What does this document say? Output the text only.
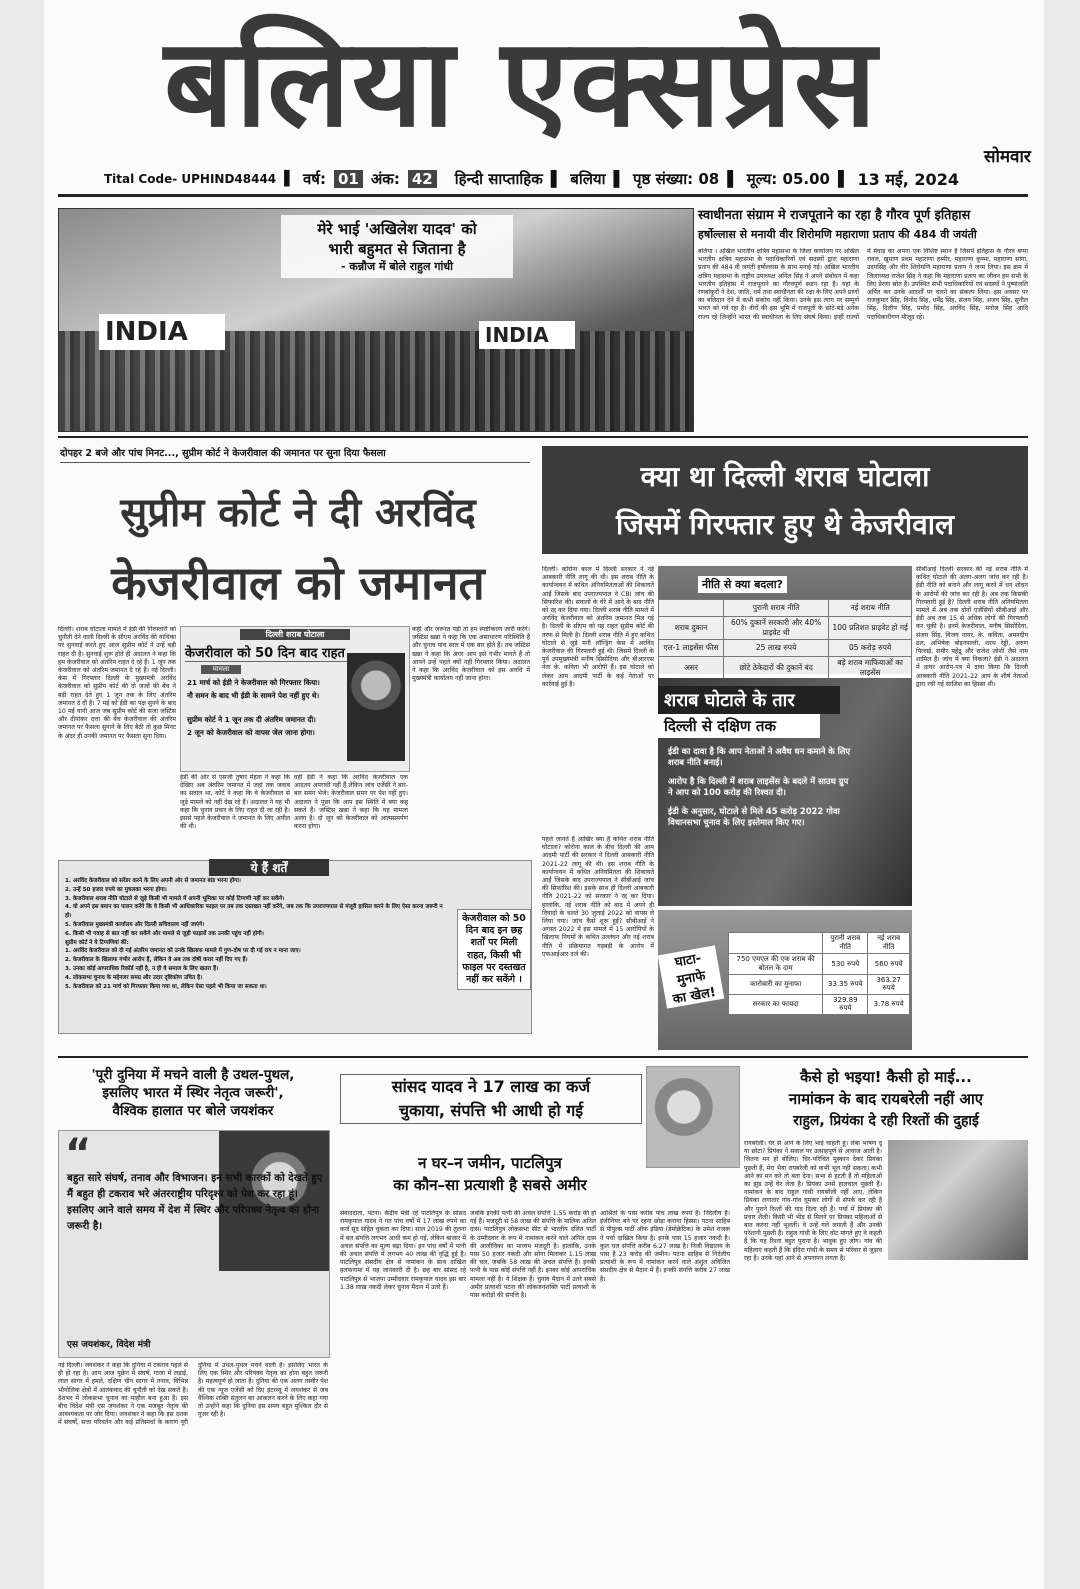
बलिया एक्सप्रेस
सोमवार
Tital Code- UPHIND48444 ▌ वर्ष: 01 अंक: 42 हिन्दी साप्ताहिक ▌ बलिया ▌ पृष्ठ संख्या: 08 ▌ मूल्य: 05.00 ▌ 13 मई, 2024
INDIA	INDIA
मेरे भाई 'अखिलेश यादव' को
भारी बहुमत से जिताना है
- कन्नौज में बोले राहुल गांधी
स्वाधीनता संग्राम मे राजपूताने का रहा है गौरव पूर्ण इतिहास
हर्षोल्लास से मनायी वीर शिरोमणि महाराणा प्रताप की 484 वी जयंती
बलिया । अखिल भारतीय क्षत्रिय महासभा के जिला कार्यालय पर अखिल भारतीय क्षत्रिय महासभा के पदाधिकारियों एवं सदस्यों द्वारा महाराणा प्रताप की 484 वी जयंती हर्षोल्लास के साथ मनाई गई। अखिल भारतीय क्षत्रिय महासभा के राष्ट्रीय उपाध्यक्ष अनिल सिंह ने अपने संबोधन में कहा भारतीय इतिहास में राजपूताने का गौरवपूर्ण स्थान रहा है। यहां के रणबांकुरों ने देश, जाति, धर्म तथा स्वाधीनता की रक्षा के लिए अपने प्राणों का बलिदान देने में कभी संकोच नहीं किया। उनके इस त्याग पर सम्पूर्ण भारत को गर्व रहा है। वीरों की इस भूमि में राजपूतों के छोटे-बड़े अनेक राज्य रहे जिन्होंने भारत की स्वाधीनता के लिए संघर्ष किया। इन्हीं राज्यों में मेवाड़ का अपना एक विशिष्ट स्थान है जिसमें इतिहास के गौरव बप्पा रावल, खुमाण प्रथम महाराणा हम्मीर, महाराणा कुम्भा, महाराणा सांगा, उदयसिंह और वीर शिरोमणि महाराणा प्रताप ने जन्म लिया। इस क्रम में जिलाध्यक्ष राजेश सिंह ने कहा कि महाराणा प्रताप का जीवन हम सभी के लिए प्रेरणा स्रोत है। उपस्थित सभी पदाधिकारियों एवं सदस्यों ने पुष्पांजलि अर्पित कर उनके आदर्शों पर चलने का संकल्प लिया। इस अवसर पर राजकुमार सिंह, विनोद सिंह, धर्मेंद्र सिंह, संजय सिंह, अजय सिंह, सुनील सिंह, दिलीप सिंह, प्रमोद सिंह, अरविंद सिंह, मनोज सिंह आदि पदाधिकारीगण मौजूद रहे।
दोपहर 2 बजे और पांच मिनट..., सुप्रीम कोर्ट ने केजरीवाल की जमानत पर सुना दिया फैसला
सुप्रीम कोर्ट ने दी अरविंद
केजरीवाल को जमानत
दिल्ली। शराब घोटाला मामले में ईडी की गिरफ्तारी को चुनौती देने वाली दिल्ली के सीएम अरविंद की याचिका पर सुनवाई करते हुए आज सुप्रीम कोर्ट ने उन्हें बड़ी राहत दी है। सुनवाई शुरू होते ही अदालत ने कहा कि हम केजरीवाल को अंतरिम राहत दे रहे हैं। 1 जून तक केजरीवाल को अंतरिम जमानत दे रहे हैं। नई दिल्ली। केस में गिरफ्तार दिल्ली के मुख्यमंत्री अरविंद केजरीवाल को सुप्रीम कोर्ट की दो जजों की बेंच ने बड़ी राहत देते हुए 1 जून तक के लिए अंतरिम जमानत दे दी है। 7 मई को ईडी का पक्ष सुनने के बाद 10 मई यानी आज जब सुप्रीम कोर्ट की सजा जस्टिस और दीपांकर दत्ता की बेंच केजरीवाल की अंतरिम जमानत पर फैसला सुनाने के लिए बैठी तो कुछ मिनट के अंदर ही उनकी जमानत पर फैसला सुना दिया।
दिल्ली शराब घोटाला
केजरीवाल को 50 दिन बाद राहत
मामला
21 मार्च को ईडी ने केजरीवाल को गिरफ्तार किया।
नौ समन के बाद भी ईडी के सामने पेश नहीं हुए थे।
सुप्रीम कोर्ट ने 1 जून तक दी अंतरिम जमानत दी।
2 जून को केजरीवाल को वापस जेल जाना होगा।
ईडी की ओर से एसजी तुषार मेहता ने कहा कि देखिए अब अंतरिम जमानत में जहां तक जवाब का सवाल था, कोर्ट ने कहा कि वे केजरीवाल से जुड़े मामले को नहीं देख रहे हैं। अदालत ने यह भी कहा कि चुनाव प्रचार के लिए राहत दी जा रही है। इससे पहले केजरीवाल ने जमानत के लिए अपील की थी।
वहीं ईडी ने कहा कि अरविंद केजरीवाल एक आदतन अपराधी नहीं हैं लेकिन जांच एजेंसी ने बार-बार समन भेजे। केजरीवाल समन पर पेश नहीं हुए। अदालत ने पूछा कि आप इस स्थिति में क्या कह सकते हैं। जस्टिस खन्ना ने कहा कि यह मामला अलग है। दो जून को केजरीवाल को आत्मसमर्पण करना होगा।
कहीं और जरूरत पड़ी तो हम स्पष्टीकरण जारी करेंगे। जस्टिस खन्ना ने कहा कि एक असाधारण परिस्थिति है और चुनाव पांच साल में एक बार होते हैं। तब जस्टिस खन्ना ने कहा कि अगर आप इसे गंभीर मानते हैं तो आपने उन्हें पहले क्यों नहीं गिरफ्तार किया। अदालत ने कहा कि अरविंद केजरीवाल को इस अवधि में मुख्यमंत्री कार्यालय नहीं जाना होगा।
ये हैं शर्तें
1. अरविंद केजरीवाल को सरेंडर करने के लिए अपनी ओर से जमानत बांड भरना होगा।
2. उन्हें 50 हजार रुपये का मुचलका भरना होगा।
3. केजरीवाल शराब नीति घोटाले से जुड़े किसी भी मामले में अपनी भूमिका पर कोई टिप्पणी नहीं कर सकेंगे।
4. वो अपने इस बयान का पालन करेंगे कि वे किसी भी आधिकारिक फाइल पर तब तक दस्तखत नहीं करेंगे, जब तक कि उपराज्यपाल से मंजूरी हासिल करने के लिए ऐसा करना जरूरी न हो।
5. केजरीवाल मुख्यमंत्री कार्यालय और दिल्ली सचिवालय नहीं जाएंगे।
6. किसी भी गवाह से बात नहीं कर सकेंगे और मामले से जुड़ी फाइलों तक उनकी पहुंच नहीं होगी।
सुप्रीम कोर्ट ने ये टिप्पणियां कीं:
1. अरविंद केजरीवाल को दी गई अंतरिम जमानत को उनके खिलाफ मामले में गुण-दोष पर दी गई राय न माना जाए।
2. केजरीवाल के खिलाफ गंभीर आरोप हैं, लेकिन वे अब तक दोषी करार नहीं दिए गए हैं।
3. उनका कोई आपराधिक रिकॉर्ड नहीं है, न ही वे समाज के लिए खतरा हैं।
4. लोकसभा चुनाव के मद्देनजर समग्र और उदार दृष्टिकोण उचित है।
5. केजरीवाल को 21 मार्च को गिरफ्तार किया गया था, लेकिन ऐसा पहले भी किया जा सकता था।
केजरीवाल को 50 दिन बाद इन छह शर्तों पर मिली राहत, किसी भी फाइल पर दस्तखत नहीं कर सकेंगे ।
क्या था दिल्ली शराब घोटाला
जिसमें गिरफ्तार हुए थे केजरीवाल
दिल्ली। कोरोना काल में दिल्ली सरकार ने नई आबकारी नीति लागू की थी। इस शराब नीति के कार्यान्वयन में कथित अनियमितताओं की शिकायतें आईं जिसके बाद उपराज्यपाल ने CBI जांच की सिफारिश की। सवालों के घेरे में आने के बाद नीति को रद्द कर दिया गया। दिल्ली शराब नीति मामले में अरविंद केजरीवाल को अंतरिम जमानत मिल गई है। दिल्ली के सीएम को यह राहत सुप्रीम कोर्ट की तरफ से मिली है। दिल्ली शराब नीति में हुए कथित घोटाले से जुड़े मनी लॉन्ड्रिंग केस में अरविंद केजरीवाल की गिरफ्तारी हुई थी। जिसमें दिल्ली के पूर्व उपमुख्यमंत्री मनीष सिसोदिया और बीआरएस नेता के. कविता भी आरोपी हैं। इस घोटाले को लेकर आम आदमी पार्टी के कई नेताओं पर कार्रवाई हुई है।
पहले जानते हैं आखिर क्या है कथित शराब नीति घोटाला? कोरोना काल के बीच दिल्ली की आम आदमी पार्टी की सरकार ने दिल्ली आबकारी नीति 2021-22 लागू की थी। इस शराब नीति के कार्यान्वयन में कथित अनियमितता की शिकायतें आईं जिसके बाद उपराज्यपाल ने सीबीआई जांच की सिफारिश की। इसके साथ ही दिल्ली आबकारी नीति 2021-22 को सरकार ने रद्द कर दिया। हालांकि, नई शराब नीति को बाद में अपने ही विवादों के चलते 30 जुलाई 2022 को वापस ले लिया गया। जांच कैसे शुरू हुई? सीबीआई ने अगस्त 2022 में इस मामले में 15 आरोपियों के खिलाफ नियमों के कथित उल्लंघन और नई शराब नीति में प्रक्रियागत गड़बड़ी के आरोप में एफआईआर दर्ज की।
सीबीआई दिल्ली सरकार की नई शराब नीति में कथित घोटाले की अलग-अलग जांच कर रही है। ईडी नीति को बनाने और लागू करने में धन शोधन के आरोपों की जांच कर रही है। अब तक किसकी गिरफ्तारी हुई है? दिल्ली शराब नीति अनियमितता मामले में अब तक दोनों एजेंसियों सीबीआई और ईडी अब तक 15 से अधिक लोगों की गिरफ्तारी कर चुकी है। इनमें केजरीवाल, मनीष सिसोदिया, संजय सिंह, विजय नायर, के. कविता, अमनदीप ढल, अभिषेक बोइनपल्ली, शरथ रेड्डी, अरुण पिल्लई, समीर महेंद्रू और राजेश जोशी जैसे नाम शामिल हैं। जांच में क्या निकला? ईडी ने अदालत में दायर आरोप-पत्र में दावा किया कि दिल्ली आबकारी नीति 2021-22 आप के शीर्ष नेताओं द्वारा रची गई साजिश का हिस्सा थी।
नीति से क्या बदला?
	पुरानी शराब नीति	नई शराब नीति
शराब दुकान	60% दुकानें सरकारी और 40% प्राइवेट थी	100 प्रतिशत प्राइवेट हो गई
एल-1 लाइसेंस फीस	25 लाख रुपये	05 करोड़ रुपये
असर	छोटे ठेकेदारों की दुकानें बंद	बड़े शराब माफियाओं का लाइसेंस
शराब घोटाले के तार
दिल्ली से दक्षिण तक
ईडी का दावा है कि आप नेताओं ने अवैध धन कमाने के लिए शराब नीति बनाई।
आरोप है कि दिल्ली में शराब लाइसेंस के बदले में साउथ ग्रुप ने आप को 100 करोड़ की रिश्वत दी।
ईडी के अनुसार, घोटाले से मिले 45 करोड़ 2022 गोवा विधानसभा चुनाव के लिए इस्तेमाल किए गए।
घाटा-
मुनाफे
का खेल!
	पुरानी शराब नीति	नई शराब नीति
750 एमएल की एक शराब की बोतल के दाम	530 रुपये	560 रुपये
कारोबारी का मुनाफा	33.35 रुपये	363.27 रुपये
सरकार का फायदा	329.89 रुपये	3.78 रुपये
'पूरी दुनिया में मचने वाली है उथल-पुथल,
इसलिए भारत में स्थिर नेतृत्व जरूरी',
वैश्विक हालात पर बोले जयशंकर
“
बहुत सारे संघर्ष, तनाव और विभाजन। इन सभी कारकों को देखते हुए मैं बहुत ही टकराव भरे अंतरराष्ट्रीय परिदृश्य को पेश कर रहा हूं। इसलिए आने वाले समय में देश में स्थिर और परिपक्व नेतृत्व का होना जरूरी है।
एस जयशंकर, विदेश मंत्री
नई दिल्ली। जयशंकर ने कहा कि दुनिया में टकराव पहले से ही हो रहा है। आप आज यूक्रेन में संघर्ष, गाजा में लड़ाई, लाल सागर में हमले, दक्षिण चीन सागर में तनाव, विभिन्न भौगोलिक क्षेत्रों में आतंकवाद की चुनौती को देख सकते हैं। देशभर में लोकसभा चुनाव का माहौल बना हुआ है। इस बीच विदेश मंत्री एस जयशंकर ने एक मजबूत नेतृत्व की आवश्यकता पर जोर दिया। जयशंकर ने कहा कि इस दशक में संघर्षों, सत्ता परिवर्तन और कई प्रतिस्पर्धा के कारण पूरी दुनिया में उथल-पुथल मचने वाली है। इसलिए भारत के लिए एक स्थिर और परिपक्व नेतृत्व का होना बहुत जरूरी है। महत्वपूर्ण हो जाता है। दुनिया की एक अलग तस्वीर पेश की एक न्यूज एजेंसी को दिए इंटरव्यू में जयशंकर से जब वैश्विक शक्ति संतुलन का आकलन करने के लिए कहा गया तो उन्होंने कहा कि दुनिया इस समय बहुत मुश्किल दौर से गुजर रही है।
सांसद यादव ने 17 लाख का कर्ज
चुकाया, संपत्ति भी आधी हो गई
न घर–न जमीन, पाटलिपुत्र
का कौन–सा प्रत्याशी है सबसे अमीर
संवाददाता, पटना। केंद्रीय मंत्री रहे पाटलिपुत्र के सांसद रामकृपाल यादव ने गत पांच वर्षों में 17 लाख रुपये का कर्ज सूद सहित चुकता कर दिया। साल 2019 की तुलना में बल संपत्ति लगभग आधी कम हो गई, लेकिन बाजार में अचल संपत्ति का मूल्य बढ़ा दिया। इन पांच वर्षों में पत्नी की अचल संपत्ति में लगभग 40 लाख की वृद्धि हुई है। पाटलिपुत्र संसदीय क्षेत्र से नामांकन के साथ दाखिल हलफनामा में यह जानकारी दी है। छह बार सांसद रहे पाटलिपुत्र से भाजपा उम्मीदवार रामकृपाल यादव इस बार 1.38 लाख नकदी लेकर चुनाव मैदान में उतरे हैं।
जबकि इनकी पत्नी की अचल संपत्ति 1.55 करोड़ की हो गई है। मजदूरी से 58 लाख की संपत्ति के मालिक अनिल दास। पाटलिपुत्र लोकसभा सीट से भारतीय दलित पार्टी के उम्मीदवार के रूप में नामांकन करने वाले अनिल दास की आजीविका का माध्यम मजदूरी है। हालांकि, उनके पास 50 हजार नकदी और सोना मिलाकर 1.15 लाख की चल, जबकि 58 लाख की अचल संपत्ति है। इनकी पत्नी के पास कोई संपत्ति नहीं है। इनका कोई आपराधिक मामला नहीं है। ये शिक्षक हैं। चुनाव मैदान में उतरे सबसे अमीर प्रत्याशी पटना की लोकजनशक्ति पार्टी प्रत्याशी के पास करोड़ों की संपत्ति है।
आश्रितों के पास करीब पांच लाख रुपये हैं। निर्दलीय हैं। इंजीनियर बने पर रहना छोड़ा कराया हिस्सा। पटना साहिब से पीपुल्स पार्टी ऑफ इंडिया (डेमोक्रेटिक) के उमेश राजक ने पर्चा दाखिल किया है। इनके पास 15 हजार नकदी है। कुल चल संपत्ति करीब 6.27 लाख है। निजी विद्यालय के पास है 23 करोड़ की जमीन। पटना साहिब से निर्दलीय प्रत्याशी के रूप में नामांकन करने वाले अंशुल अविजित संसदीय क्षेत्र से मैदान में हैं। इनकी संपत्ति करीब 27 लाख है।
कैसे हो भइया! कैसी हो माई...
नामांकन के बाद रायबरेली नहीं आए
राहुल, प्रियंका दे रही रिश्तों की दुहाई
रायबरेली। घेर से आने के लिए भाई चाहती हूं। लंबा भाषण दू या छोटा? प्रियंका ने सवाल पर उत्साहपूर्ण से आवाज आती है। जितना मन हो बोलिए। चिर-परिचित मुस्कान देकर प्रियंका पूछती हैं, मेरा भैया रायबरेली को कभी भूल नहीं सकता। कभी आने का मन करे तो बता देना। सभा से हटती हैं तो महिलाओं का झुंड उन्हें घेर लेता है। प्रियंका उनसे हालचाल पूछती हैं। नामांकन के बाद राहुल गांधी रायबरेली नहीं आए, लेकिन प्रियंका लगातार गांव-गांव घूमकर लोगों से संपर्क कर रही हैं और पुराने रिश्तों की याद दिला रही हैं। पर्चा में प्रियंका की प्रचार शैली। किसी भी भीड़ से मिलने पर प्रियंका महिलाओं से बात करना नहीं भूलतीं। वे उन्हें गले लगाती हैं और उनकी परेशानी पूछती हैं। राहुल गांधी के लिए वोट मांगते हुए वे कहती हैं कि यह रिश्ता बहुत पुराना है। भावुक हुए लोग। गांव की महिलाएं कहती हैं कि इंदिरा गांधी के समय से परिवार से जुड़ाव रहा है। उनके यहां आने से अपनापन लगता है।
